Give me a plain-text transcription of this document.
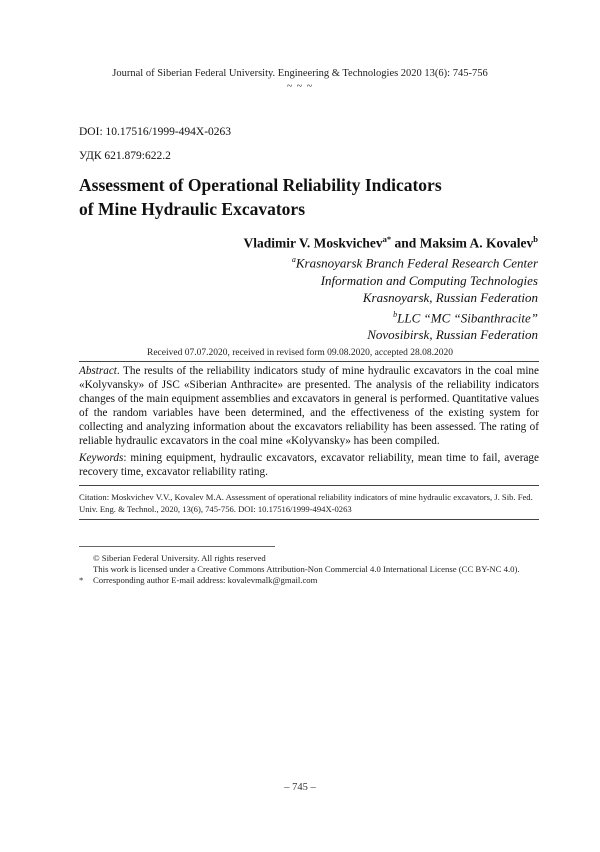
Journal of Siberian Federal University. Engineering & Technologies 2020 13(6): 745-756
~ ~ ~
DOI: 10.17516/1999-494X-0263
УДК 621.879:622.2
Assessment of Operational Reliability Indicators
of Mine Hydraulic Excavators
Vladimir V. Moskvichev$^{a*}$ and Maksim A. Kovalev$^b$
$^a$Krasnoyarsk Branch Federal Research Center
Information and Computing Technologies
Krasnoyarsk, Russian Federation
$^b$LLC “MC “Sibanthracite”
Novosibirsk, Russian Federation
Received 07.07.2020, received in revised form 09.08.2020, accepted 28.08.2020

Abstract. The results of the reliability indicators study of mine hydraulic excavators in the coal mine «Kolyvansky» of JSC «Siberian Anthracite» are presented. The analysis of the reliability indicators changes of the main equipment assemblies and excavators in general is performed. Quantitative values of the random variables have been determined, and the effectiveness of the existing system for collecting and analyzing information about the excavators reliability has been assessed. The rating of reliable hydraulic excavators in the coal mine «Kolyvansky» has been compiled.

Keywords: mining equipment, hydraulic excavators, excavator reliability, mean time to fail, average recovery time, excavator reliability rating.

Citation: Moskvichev V.V., Kovalev M.A. Assessment of operational reliability indicators of mine hydraulic excavators, J. Sib. Fed. Univ. Eng. & Technol., 2020, 13(6), 745-756. DOI: 10.17516/1999-494X-0263
© Siberian Federal University. All rights reserved
This work is licensed under a Creative Commons Attribution-Non Commercial 4.0 International License (CC BY-NC 4.0).
* Corresponding author E-mail address: kovalevmalk@gmail.com
– 745 –
